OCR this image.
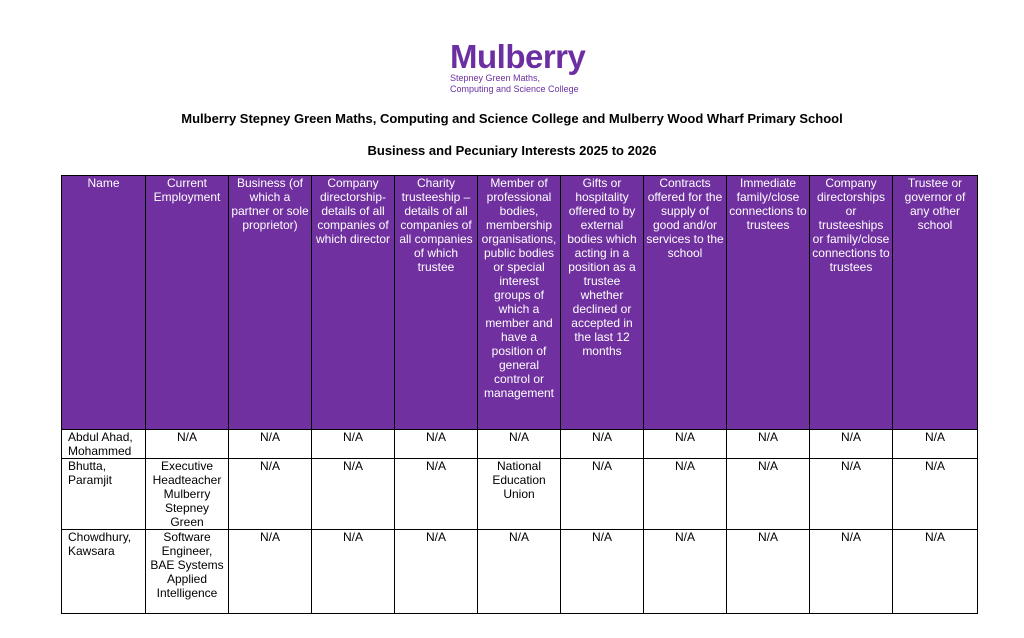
Mulberry
Stepney Green Maths,
Computing and Science College
Mulberry Stepney Green Maths, Computing and Science College and Mulberry Wood Wharf Primary School
Business and Pecuniary Interests 2025 to 2026
Name	Current Employment	Business (of which a partner or sole proprietor)	Company directorship- details of all companies of which director	Charity trusteeship – details of all companies of all companies of which trustee	Member of professional bodies, membership organisations, public bodies or special interest groups of which a member and have a position of general control or management	Gifts or hospitality offered to by external bodies which acting in a position as a trustee whether declined or accepted in the last 12 months	Contracts offered for the supply of good and/or services to the school	Immediate family/close connections to trustees	Company directorships or trusteeships or family/close connections to trustees	Trustee or governor of any other school
Abdul Ahad, Mohammed	N/A	N/A	N/A	N/A	N/A	N/A	N/A	N/A	N/A	N/A
Bhutta, Paramjit	Executive Headteacher Mulberry Stepney Green	N/A	N/A	N/A	National Education Union	N/A	N/A	N/A	N/A	N/A
Chowdhury, Kawsara	Software Engineer, BAE Systems Applied Intelligence	N/A	N/A	N/A	N/A	N/A	N/A	N/A	N/A	N/A
